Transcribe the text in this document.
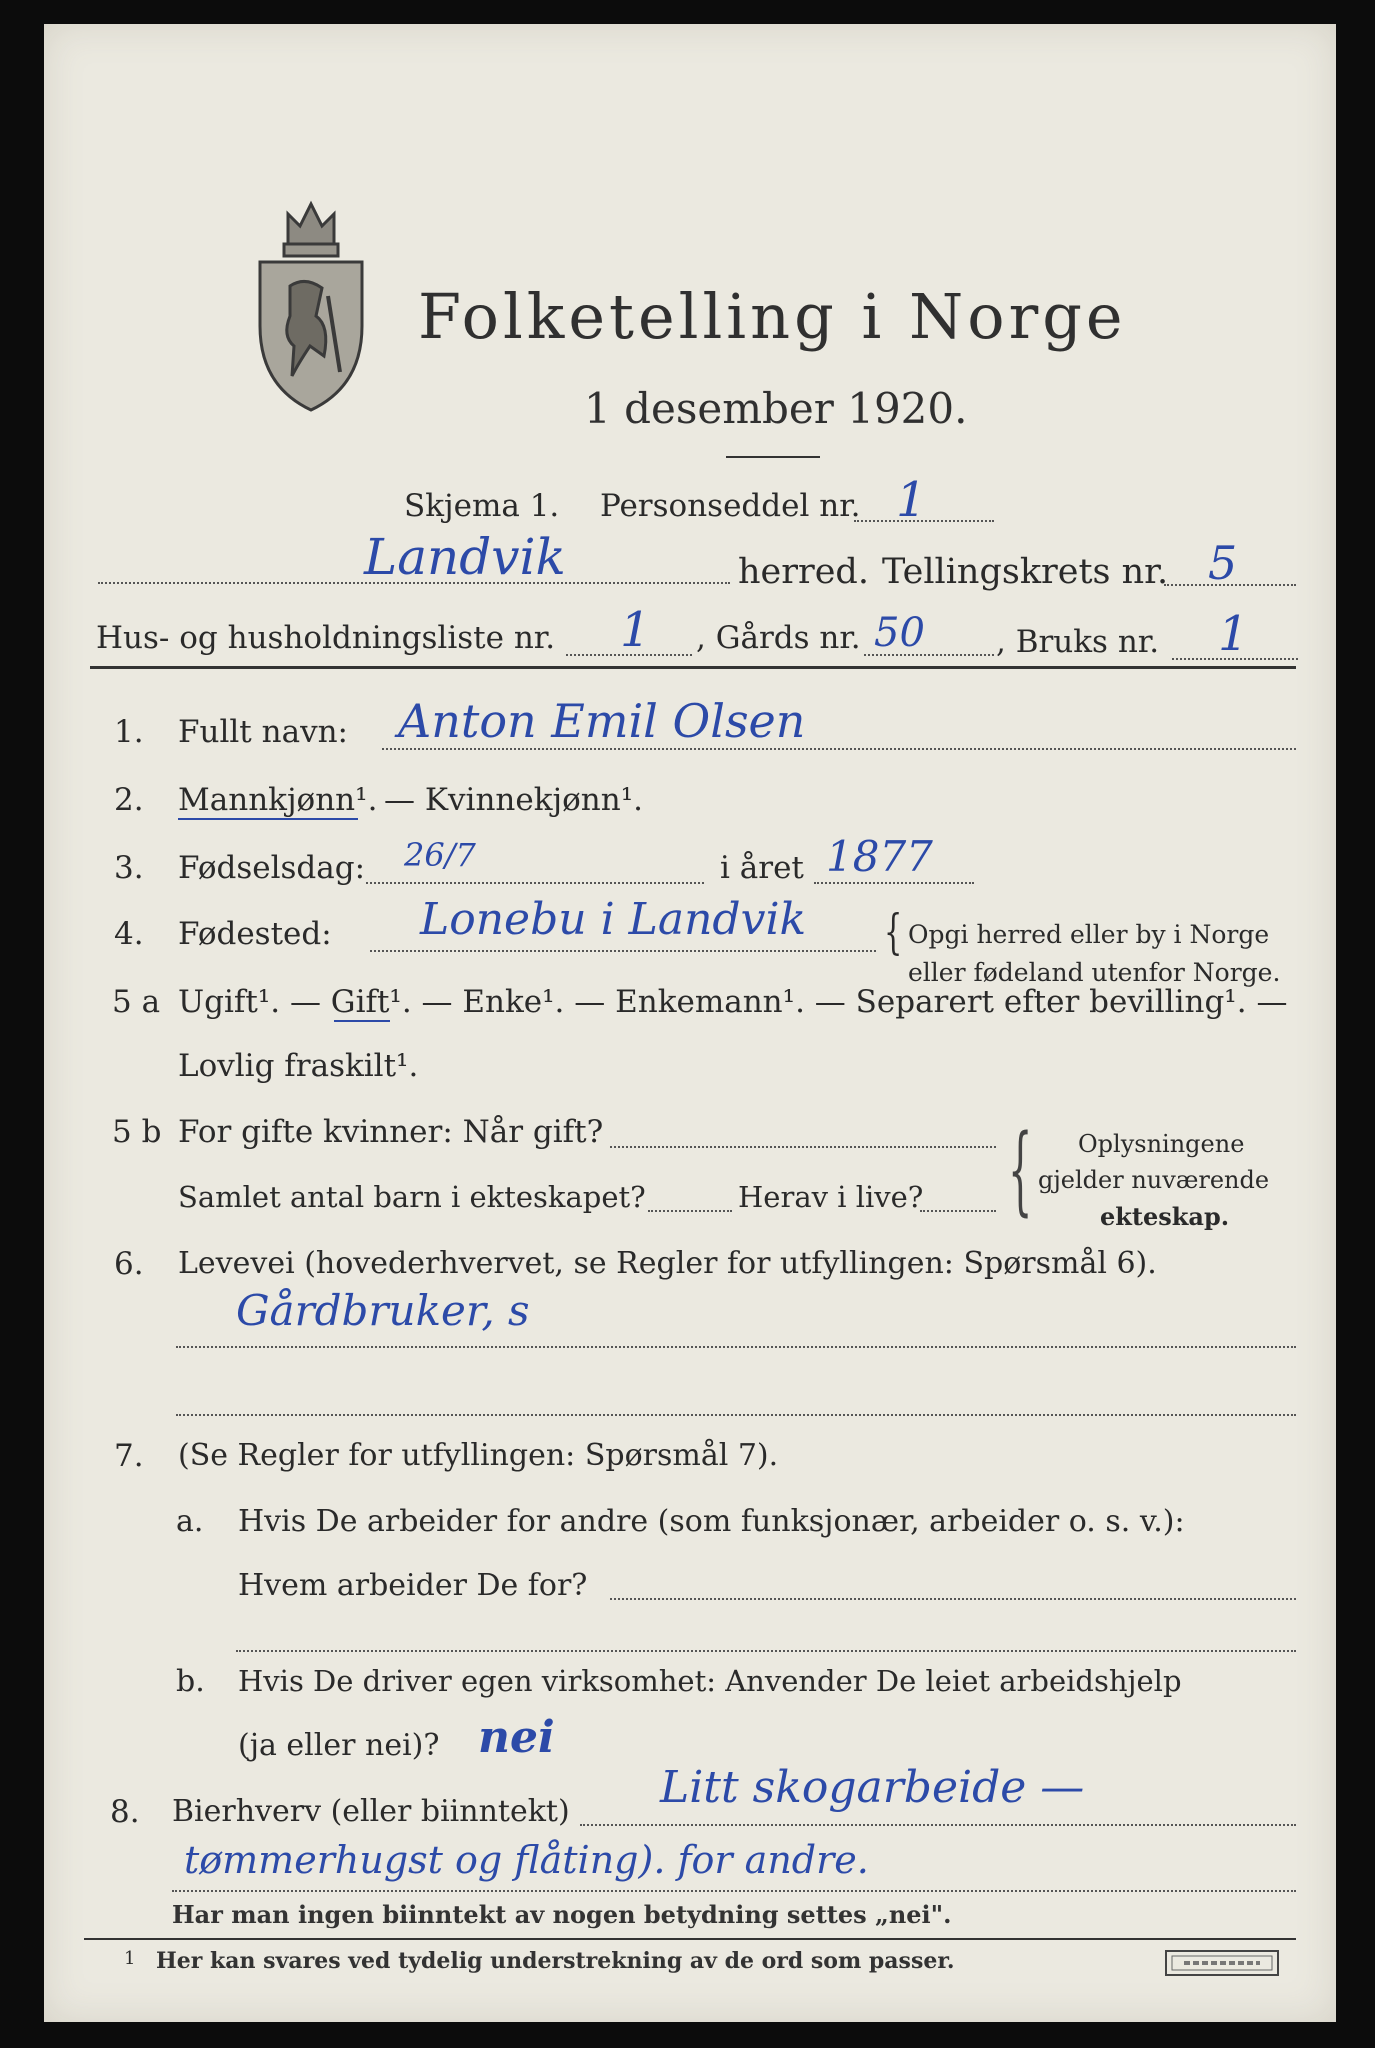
Folketelling i Norge
1 desember 1920.
Skjema 1. Personseddel nr. 1
Landvik	herred. Tellingskrets nr. 5
Hus- og husholdningsliste nr. 1 , Gårds nr. 50 , Bruks nr. 1
1. Fullt navn: Anton Emil Olsen
2. Mannkjønn¹. — Kvinnekjønn¹.
3. Fødselsdag: 26/7	i året 1877
4. Fødested: Lonebu i Landvik { Opgi herred eller by i Norge
eller fødeland utenfor Norge.
5 a Ugift¹. — Gift¹. — Enke¹. — Enkemann¹. — Separert efter bevilling¹. —
Lovlig fraskilt¹.
5 b For gifte kvinner: Når gift?
Samlet antal barn i ekteskapet?	Herav i live? { Oplysningene
gjelder nuværende
ekteskap.
6. Levevei (hovederhvervet, se Regler for utfyllingen: Spørsmål 6).
Gårdbruker, s
7. (Se Regler for utfyllingen: Spørsmål 7).
a. Hvis De arbeider for andre (som funksjonær, arbeider o. s. v.):
Hvem arbeider De for?
b. Hvis De driver egen virksomhet: Anvender De leiet arbeidshjelp
(ja eller nei)? nei
8. Bierhverv (eller biinntekt) Litt skogarbeide —
tømmerhugst og flåting). for andre.
Har man ingen biinntekt av nogen betydning settes „nei".
1 Her kan svares ved tydelig understrekning av de ord som passer.
